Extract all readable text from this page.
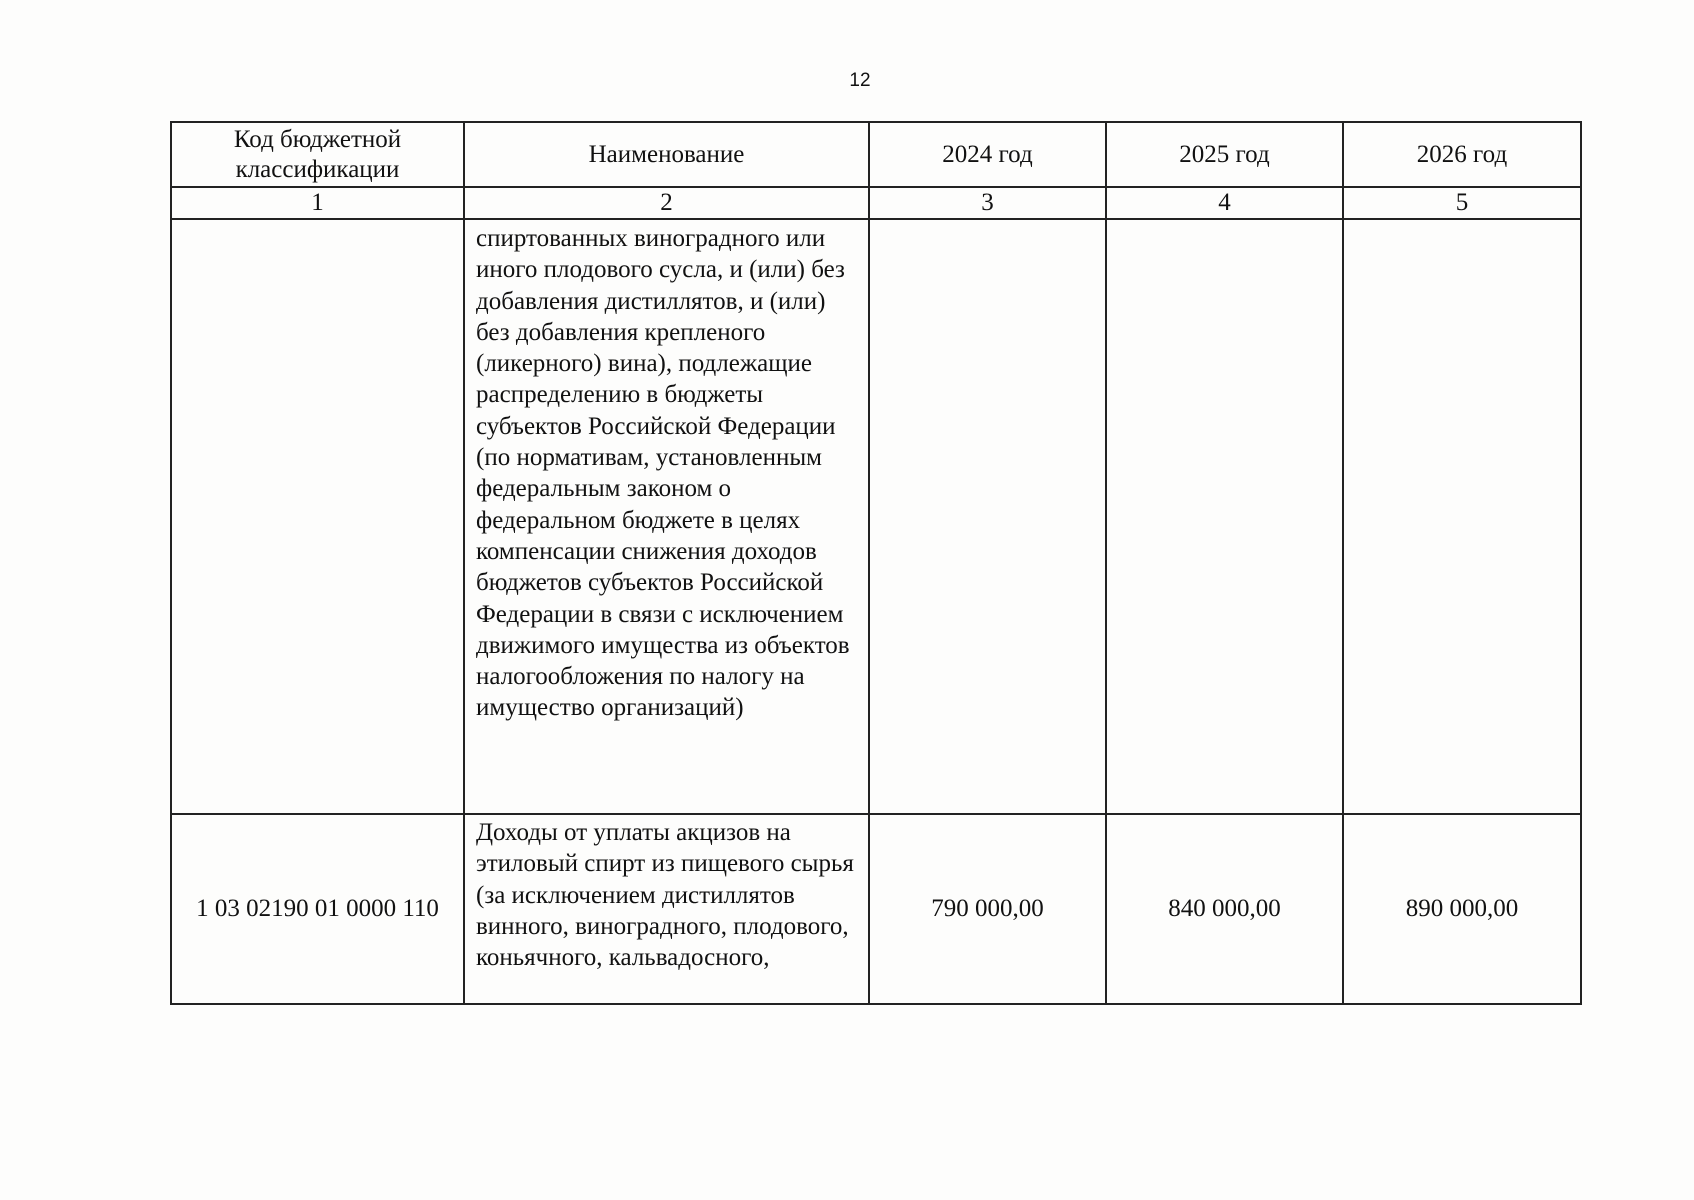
12
Код бюджетной классификации	Наименование	2024 год	2025 год	2026 год
1	2	3	4	5
	спиртованных виноградного или иного плодового сусла, и (или) без добавления дистиллятов, и (или) без добавления крепленого (ликерного) вина), подлежащие распределению в бюджеты субъектов Российской Федерации (по нормативам, установленным федеральным законом о федеральном бюджете в целях компенсации снижения доходов бюджетов субъектов Российской Федерации в связи с исключением движимого имущества из объектов налогообложения по налогу на имущество организаций)			
1 03 02190 01 0000 110	Доходы от уплаты акцизов на этиловый спирт из пищевого сырья (за исключением дистиллятов винного, виноградного, плодового, коньячного, кальвадосного,	790 000,00	840 000,00	890 000,00
